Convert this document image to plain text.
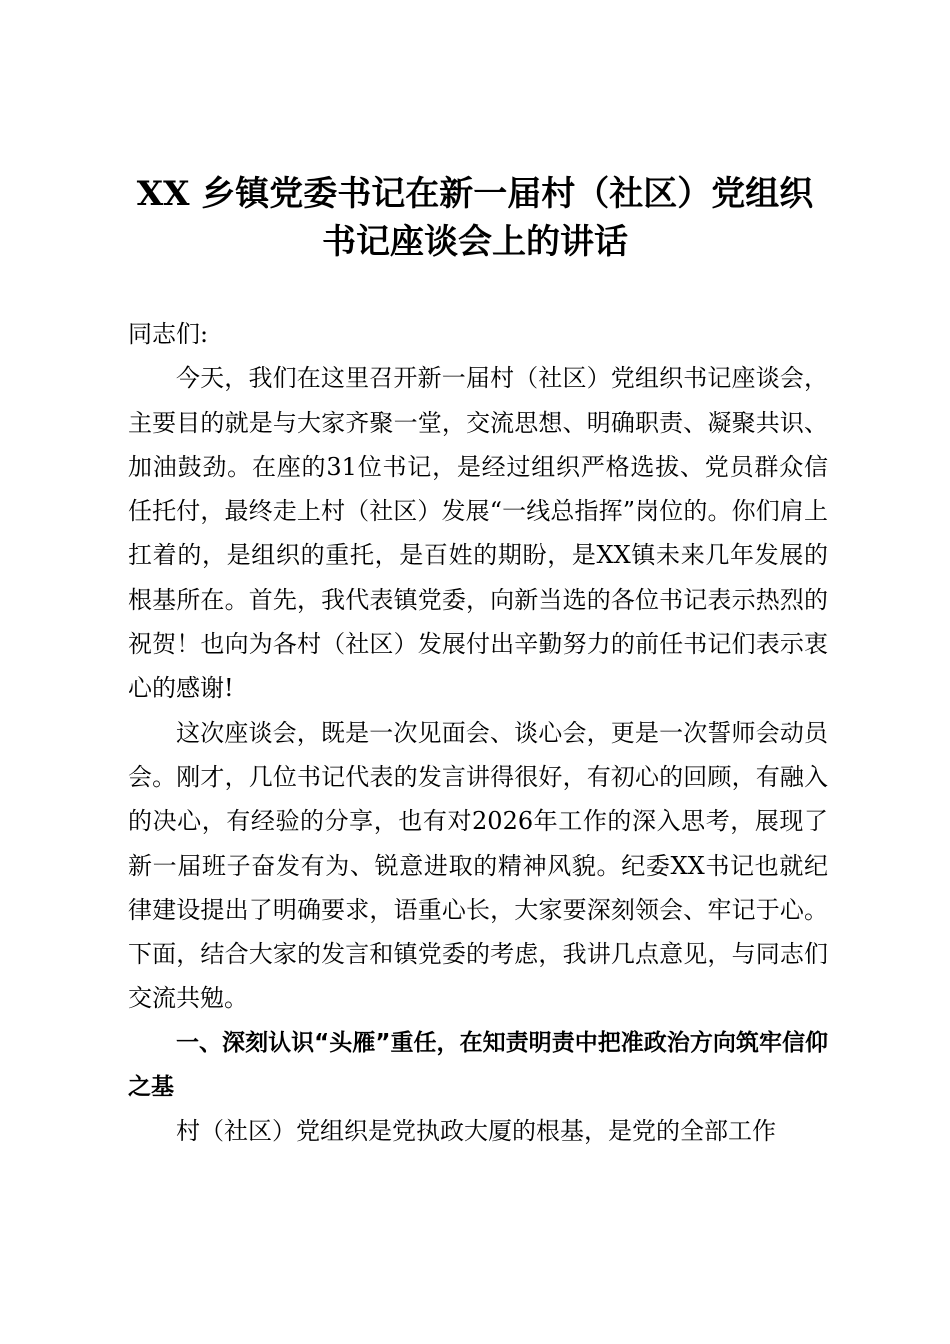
XX 乡镇党委书记在新一届村（社区）党组织
书记座谈会上的讲话

同志们:

今天，我们在这里召开新一届村（社区）党组织书记座谈会，主要目的就是与大家齐聚一堂，交流思想、明确职责、凝聚共识、加油鼓劲。在座的31位书记，是经过组织严格选拔、党员群众信任托付，最终走上村（社区）发展“一线总指挥”岗位的。你们肩上扛着的，是组织的重托，是百姓的期盼，是XX镇未来几年发展的根基所在。首先，我代表镇党委，向新当选的各位书记表示热烈的祝贺！也向为各村（社区）发展付出辛勤努力的前任书记们表示衷心的感谢!

这次座谈会，既是一次见面会、谈心会，更是一次誓师会动员会。刚才，几位书记代表的发言讲得很好，有初心的回顾，有融入的决心，有经验的分享，也有对2026年工作的深入思考，展现了新一届班子奋发有为、锐意进取的精神风貌。纪委XX书记也就纪律建设提出了明确要求，语重心长，大家要深刻领会、牢记于心。下面，结合大家的发言和镇党委的考虑，我讲几点意见，与同志们交流共勉。

一、深刻认识“头雁”重任，在知责明责中把准政治方向筑牢信仰之基

村（社区）党组织是党执政大厦的根基，是党的全部工作
